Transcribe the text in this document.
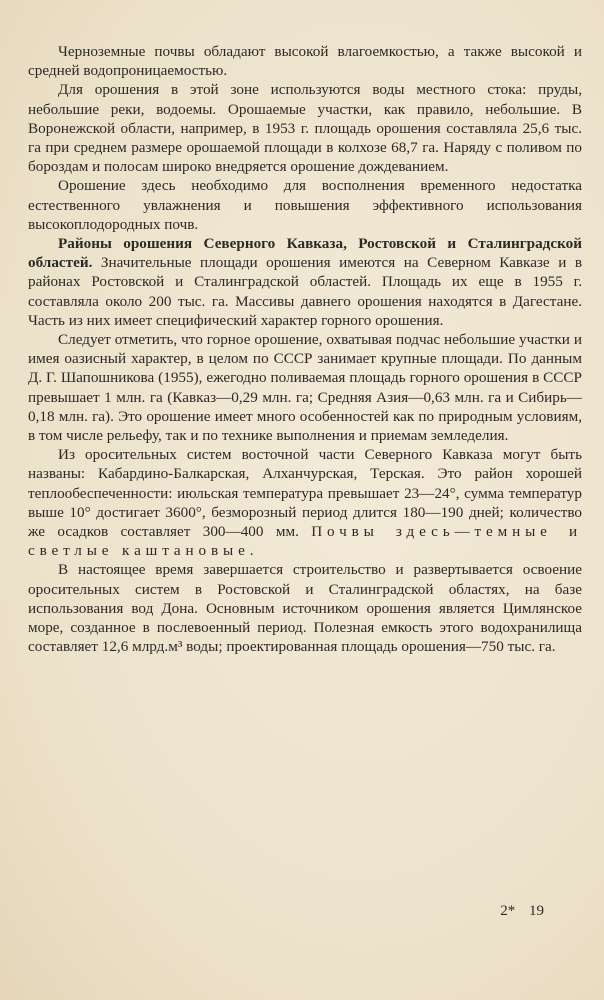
Черноземные почвы обладают высокой влагоемкостью, а также высокой и средней водопроницаемостью.

Для орошения в этой зоне используются воды местного стока: пруды, небольшие реки, водоемы. Орошаемые участки, как правило, небольшие. В Воронежской области, например, в 1953 г. площадь орошения составляла 25,6 тыс. га при среднем размере орошаемой площади в колхозе 68,7 га. Наряду с поливом по бороздам и полосам широко внедряется орошение дождеванием.

Орошение здесь необходимо для восполнения временного недостатка естественного увлажнения и повышения эффективного использования высокоплодородных почв.

Районы орошения Северного Кавказа, Ростовской и Сталинградской областей. Значительные площади орошения имеются на Северном Кавказе и в районах Ростовской и Сталинградской областей. Площадь их еще в 1955 г. составляла около 200 тыс. га. Массивы давнего орошения находятся в Дагестане. Часть из них имеет специфический характер горного орошения.

Следует отметить, что горное орошение, охватывая подчас небольшие участки и имея оазисный характер, в целом по СССР занимает крупные площади. По данным Д. Г. Шапошникова (1955), ежегодно поливаемая площадь горного орошения в СССР превышает 1 млн. га (Кавказ—0,29 млн. га; Средняя Азия—0,63 млн. га и Сибирь—0,18 млн. га). Это орошение имеет много особенностей как по природным условиям, в том числе рельефу, так и по технике выполнения и приемам земледелия.

Из оросительных систем восточной части Северного Кавказа могут быть названы: Кабардино-Балкарская, Алханчурская, Терская. Это район хорошей теплообеспеченности: июльская температура превышает 23—24°, сумма температур выше 10° достигает 3600°, безморозный период длится 180—190 дней; количество же осадков составляет 300—400 мм. Почвы здесь—темные и светлые каштановые.

В настоящее время завершается строительство и развертывается освоение оросительных систем в Ростовской и Сталинградской областях, на базе использования вод Дона. Основным источником орошения является Цимлянское море, созданное в послевоенный период. Полезная емкость этого водохранилища составляет 12,6 млрд.м³ воды; проектированная площадь орошения—750 тыс. га.

2* 19
